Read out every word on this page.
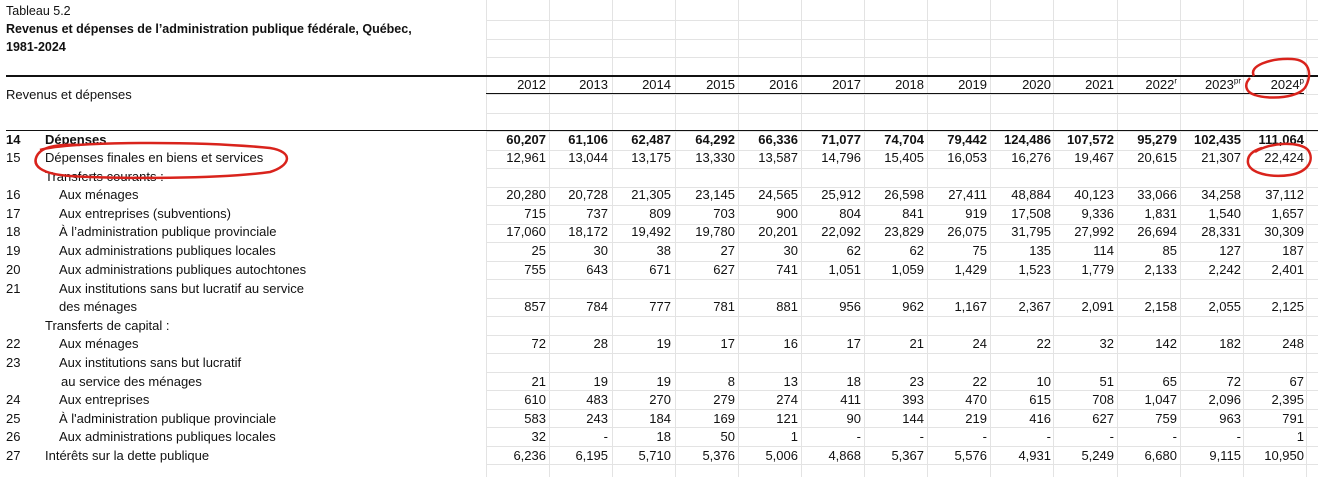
Tableau 5.2
Revenus et dépenses de l’administration publique fédérale, Québec,
1981-2024
Revenus et dépenses
2012	2013	2014	2015	2016	2017	2018	2019	2020	2021	2022$^r$	$2023^{pr}$	2024$^p$
14 Dépenses	60,207	61,106	62,487	64,292	66,336	71,077	74,704	79,442	124,486	107,572	95,279	102,435	111,064
15 Dépenses finales en biens et services	12,961	13,044	13,175	13,330	13,587	14,796	15,405	16,053	16,276	19,467	20,615	21,307	22,424
Transferts courants :
16	Aux ménages	20,280	20,728	21,305	23,145	24,565	25,912	26,598	27,411	48,884	40,123	33,066	34,258	37,112
17	Aux entreprises (subventions)	715	737	809	703	900	804	841	919	17,508	9,336	1,831	1,540	1,657
18	À l’administration publique provinciale	17,060	18,172	19,492	19,780	20,201	22,092	23,829	26,075	31,795	27,992	26,694	28,331	30,309
19	Aux administrations publiques locales	25	30	38	27	30	62	62	75	135	114	85	127	187
20	Aux administrations publiques autochtones	755	643	671	627	741	1,051	1,059	1,429	1,523	1,779	2,133	2,242	2,401
21	Aux institutions sans but lucratif au service
des ménages	857	784	777	781	881	956	962	1,167	2,367	2,091	2,158	2,055	2,125
Transferts de capital :
22	Aux ménages	72	28	19	17	16	17	21	24	22	32	142	182	248
23	Aux institutions sans but lucratif
au service des ménages	21	19	19	8	13	18	23	22	10	51	65	72	67
24	Aux entreprises	610	483	270	279	274	411	393	470	615	708	1,047	2,096	2,395
25	À l'administration publique provinciale	583	243	184	169	121	90	144	219	416	627	759	963	791
26	Aux administrations publiques locales	32	-	18	50	1	-	-	-	-	-	-	-	1
27 Intérêts sur la dette publique	6,236	6,195	5,710	5,376	5,006	4,868	5,367	5,576	4,931	5,249	6,680	9,115	10,950
